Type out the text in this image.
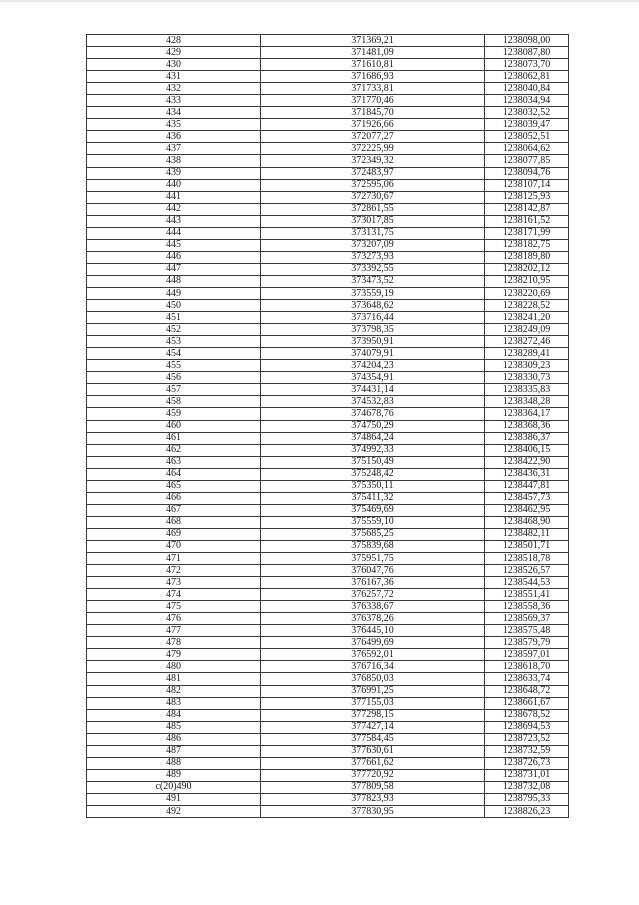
428	371369,21	1238098,00
429	371481,09	1238087,80
430	371610,81	1238073,70
431	371686,93	1238062,81
432	371733,81	1238040,84
433	371770,46	1238034,94
434	371845,70	1238032,52
435	371926,66	1238039,47
436	372077,27	1238052,51
437	372225,99	1238064,62
438	372349,32	1238077,85
439	372483,97	1238094,76
440	372595,06	1238107,14
441	372730,67	1238125,93
442	372861,55	1238142,87
443	373017,85	1238161,52
444	373131,75	1238171,99
445	373207,09	1238182,75
446	373273,93	1238189,80
447	373392,55	1238202,12
448	373473,52	1238210,95
449	373559,19	1238220,69
450	373648,62	1238228,52
451	373716,44	1238241,20
452	373798,35	1238249,09
453	373950,91	1238272,46
454	374079,91	1238289,41
455	374204,23	1238309,23
456	374354,91	1238330,73
457	374431,14	1238335,83
458	374532,83	1238348,28
459	374678,76	1238364,17
460	374750,29	1238368,36
461	374864,24	1238386,37
462	374992,33	1238406,15
463	375150,49	1238422,90
464	375248,42	1238436,31
465	375350,11	1238447,81
466	375411,32	1238457,73
467	375469,69	1238462,95
468	375559,10	1238468,90
469	375685,25	1238482,11
470	375839,68	1238501,71
471	375951,75	1238518,78
472	376047,76	1238526,57
473	376167,36	1238544,53
474	376257,72	1238551,41
475	376338,67	1238558,36
476	376378,26	1238569,37
477	376445,10	1238575,48
478	376499,69	1238579,79
479	376592,01	1238597,01
480	376716,34	1238618,70
481	376850,03	1238633,74
482	376991,25	1238648,72
483	377155,03	1238661,67
484	377298,15	1238678,52
485	377427,14	1238694,53
486	377584,45	1238723,52
487	377630,61	1238732,59
488	377661,62	1238726,73
489	377720,92	1238731,01
c(20)490	377809,58	1238732,08
491	377823,93	1238795,33
492	377830,95	1238826,23
